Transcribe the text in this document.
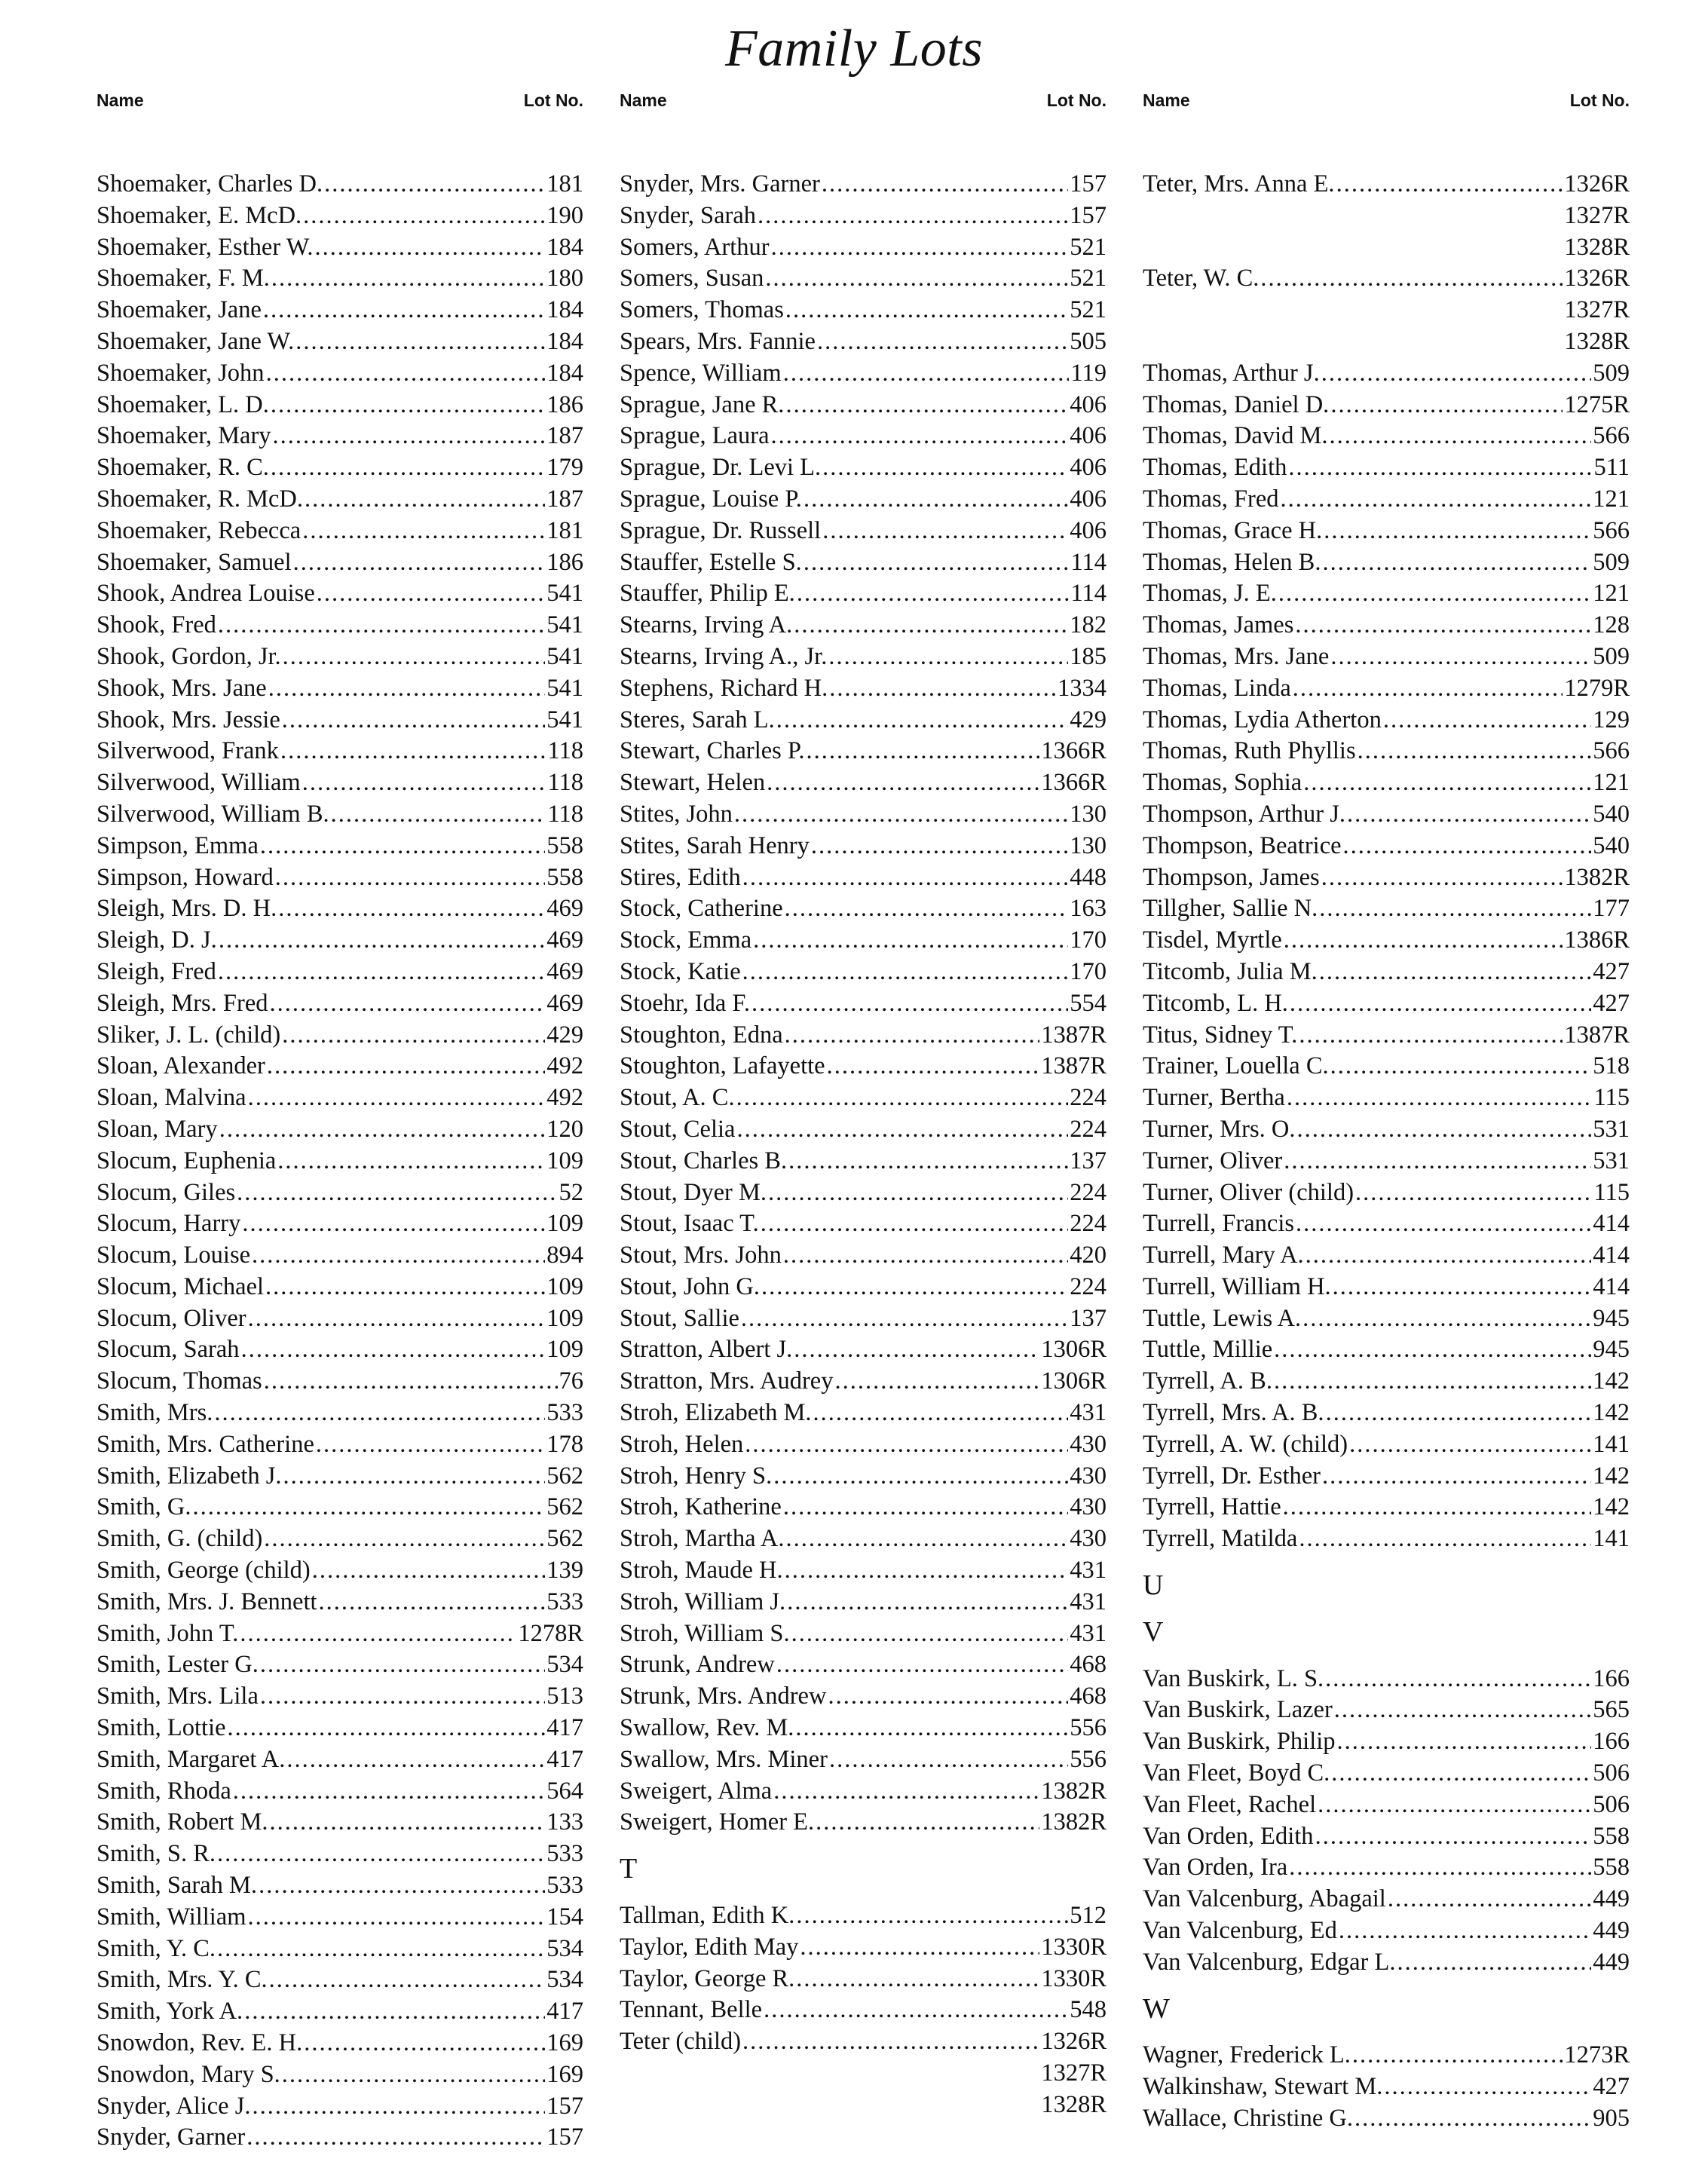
Family Lots
Name	Lot No.
Shoemaker, Charles D. .....	181
Shoemaker, E. McD. .....	190
Shoemaker, Esther W. .....	184
Shoemaker, F. M. .....	180
Shoemaker, Jane .....	184
Shoemaker, Jane W. .....	184
Shoemaker, John .....	184
Shoemaker, L. D. .....	186
Shoemaker, Mary .....	187
Shoemaker, R. C. .....	179
Shoemaker, R. McD. .....	187
Shoemaker, Rebecca .....	181
Shoemaker, Samuel .....	186
Shook, Andrea Louise .....	541
Shook, Fred .....	541
Shook, Gordon, Jr. .....	541
Shook, Mrs. Jane .....	541
Shook, Mrs. Jessie .....	541
Silverwood, Frank .....	118
Silverwood, William .....	118
Silverwood, William B. .....	118
Simpson, Emma .....	558
Simpson, Howard .....	558
Sleigh, Mrs. D. H. .....	469
Sleigh, D. J. .....	469
Sleigh, Fred .....	469
Sleigh, Mrs. Fred .....	469
Sliker, J. L. (child) .....	429
Sloan, Alexander .....	492
Sloan, Malvina .....	492
Sloan, Mary .....	120
Slocum, Euphenia .....	109
Slocum, Giles .....	52
Slocum, Harry .....	109
Slocum, Louise .....	894
Slocum, Michael .....	109
Slocum, Oliver .....	109
Slocum, Sarah .....	109
Slocum, Thomas .....	76
Smith, Mrs. .....	533
Smith, Mrs. Catherine .....	178
Smith, Elizabeth J. .....	562
Smith, G. .....	562
Smith, G. (child) .....	562
Smith, George (child) .....	139
Smith, Mrs. J. Bennett .....	533
Smith, John T. .....	1278R
Smith, Lester G. .....	534
Smith, Mrs. Lila .....	513
Smith, Lottie .....	417
Smith, Margaret A. .....	417
Smith, Rhoda .....	564
Smith, Robert M. .....	133
Smith, S. R. .....	533
Smith, Sarah M. .....	533
Smith, William .....	154
Smith, Y. C. .....	534
Smith, Mrs. Y. C. .....	534
Smith, York A. .....	417
Snowdon, Rev. E. H. .....	169
Snowdon, Mary S. .....	169
Snyder, Alice J. .....	157
Snyder, Garner .....	157
Name	Lot No.
Snyder, Mrs. Garner .....	157
Snyder, Sarah .....	157
Somers, Arthur .....	521
Somers, Susan .....	521
Somers, Thomas .....	521
Spears, Mrs. Fannie .....	505
Spence, William .....	119
Sprague, Jane R. .....	406
Sprague, Laura .....	406
Sprague, Dr. Levi L. .....	406
Sprague, Louise P. .....	406
Sprague, Dr. Russell .....	406
Stauffer, Estelle S. .....	114
Stauffer, Philip E. .....	114
Stearns, Irving A. .....	182
Stearns, Irving A., Jr. .....	185
Stephens, Richard H. .....	1334
Steres, Sarah L. .....	429
Stewart, Charles P. .....	1366R
Stewart, Helen .....	1366R
Stites, John .....	130
Stites, Sarah Henry .....	130
Stires, Edith .....	448
Stock, Catherine .....	163
Stock, Emma .....	170
Stock, Katie .....	170
Stoehr, Ida F. .....	554
Stoughton, Edna .....	1387R
Stoughton, Lafayette .....	1387R
Stout, A. C. .....	224
Stout, Celia .....	224
Stout, Charles B. .....	137
Stout, Dyer M. .....	224
Stout, Isaac T. .....	224
Stout, Mrs. John .....	420
Stout, John G. .....	224
Stout, Sallie .....	137
Stratton, Albert J. .....	1306R
Stratton, Mrs. Audrey .....	1306R
Stroh, Elizabeth M. .....	431
Stroh, Helen .....	430
Stroh, Henry S. .....	430
Stroh, Katherine .....	430
Stroh, Martha A. .....	430
Stroh, Maude H. .....	431
Stroh, William J. .....	431
Stroh, William S. .....	431
Strunk, Andrew .....	468
Strunk, Mrs. Andrew .....	468
Swallow, Rev. M. .....	556
Swallow, Mrs. Miner .....	556
Sweigert, Alma .....	1382R
Sweigert, Homer E. .....	1382R
T
Tallman, Edith K. .....	512
Taylor, Edith May .....	1330R
Taylor, George R. .....	1330R
Tennant, Belle .....	548
Teter (child) .....	1326R
1327R
1328R
Name	Lot No.
Teter, Mrs. Anna E. .....	1326R
1327R
1328R
Teter, W. C. .....	1326R
1327R
1328R
Thomas, Arthur J. .....	509
Thomas, Daniel D. .....	1275R
Thomas, David M. .....	566
Thomas, Edith .....	511
Thomas, Fred .....	121
Thomas, Grace H. .....	566
Thomas, Helen B. .....	509
Thomas, J. E. .....	121
Thomas, James .....	128
Thomas, Mrs. Jane .....	509
Thomas, Linda .....	1279R
Thomas, Lydia Atherton .....	129
Thomas, Ruth Phyllis .....	566
Thomas, Sophia .....	121
Thompson, Arthur J. .....	540
Thompson, Beatrice .....	540
Thompson, James .....	1382R
Tillgher, Sallie N. .....	177
Tisdel, Myrtle .....	1386R
Titcomb, Julia M. .....	427
Titcomb, L. H. .....	427
Titus, Sidney T. .....	1387R
Trainer, Louella C. .....	518
Turner, Bertha .....	115
Turner, Mrs. O. .....	531
Turner, Oliver .....	531
Turner, Oliver (child) .....	115
Turrell, Francis .....	414
Turrell, Mary A. .....	414
Turrell, William H. .....	414
Tuttle, Lewis A. .....	945
Tuttle, Millie .....	945
Tyrrell, A. B. .....	142
Tyrrell, Mrs. A. B. .....	142
Tyrrell, A. W. (child) .....	141
Tyrrell, Dr. Esther .....	142
Tyrrell, Hattie .....	142
Tyrrell, Matilda .....	141
U
V
Van Buskirk, L. S. .....	166
Van Buskirk, Lazer .....	565
Van Buskirk, Philip .....	166
Van Fleet, Boyd C. .....	506
Van Fleet, Rachel .....	506
Van Orden, Edith .....	558
Van Orden, Ira .....	558
Van Valcenburg, Abagail .....	449
Van Valcenburg, Ed .....	449
Van Valcenburg, Edgar L. .....	449
W
Wagner, Frederick L. .....	1273R
Walkinshaw, Stewart M. .....	427
Wallace, Christine G. .....	905
